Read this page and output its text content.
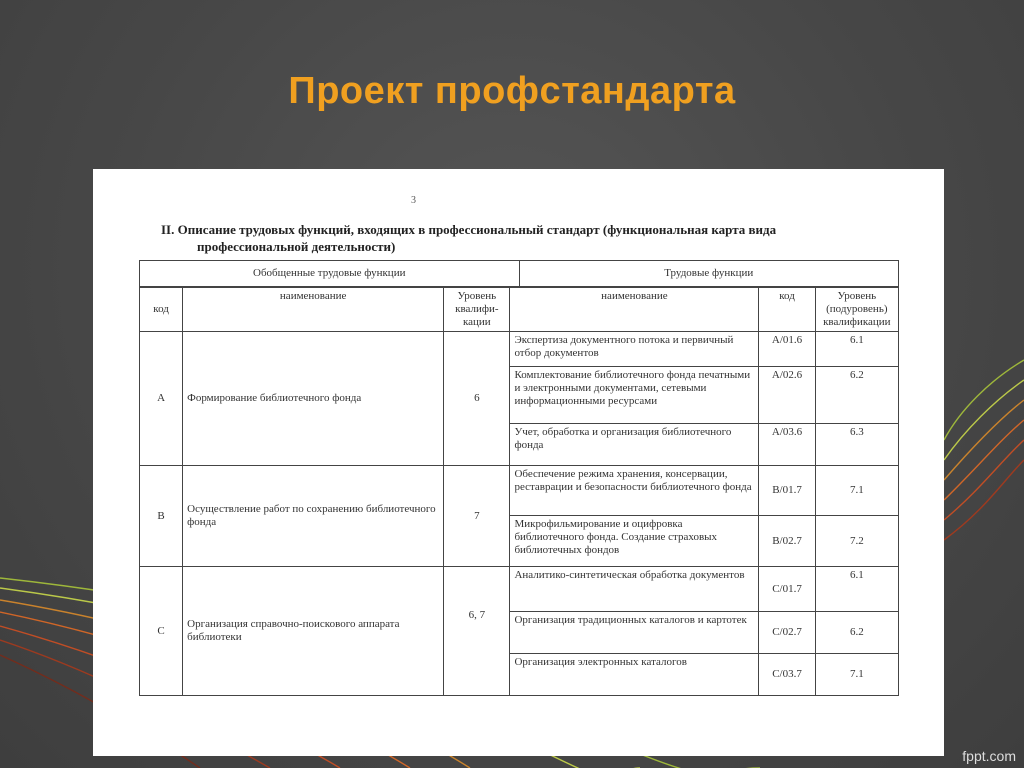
Проект профстандарта
3
II. Описание трудовых функций, входящих в профессиональный стандарт (функциональная карта вида
профессиональной деятельности)
Обобщенные трудовые функции	Трудовые функции
код	наименование	Уровень квалифи-кации	наименование	код	Уровень (подуровень) квалификации
A	Формирование библиотечного фонда	6	Экспертиза документного потока и первичный отбор документов	А/01.6	6.1
			Комплектование библиотечного фонда печатными и электронными документами, сетевыми информационными ресурсами	А/02.6	6.2
			Учет, обработка и организация библиотечного фонда	А/03.6	6.3
B	Осуществление работ по сохранению библиотечного фонда	7	Обеспечение режима хранения, консервации, реставрации и безопасности библиотечного фонда	В/01.7	7.1
			Микрофильмирование и оцифровка библиотечного фонда. Создание страховых библиотечных фондов	В/02.7	7.2
C	Организация справочно-поискового аппарата библиотеки	6, 7	Аналитико-синтетическая обработка документов	С/01.7	6.1
			Организация традиционных каталогов и картотек	С/02.7	6.2
			Организация электронных каталогов	С/03.7	7.1
fppt.com
